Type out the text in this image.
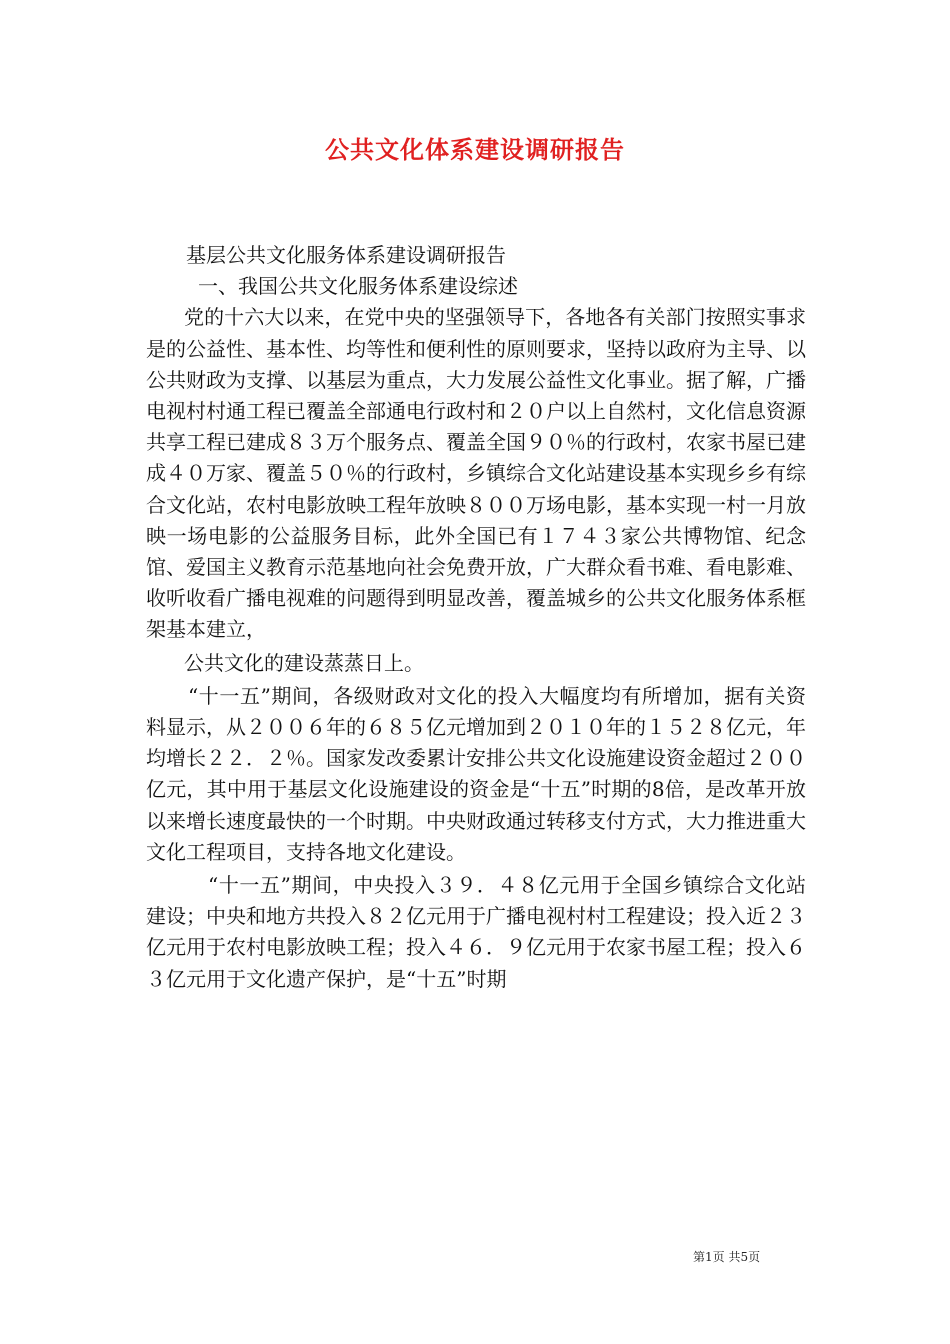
公共文化体系建设调研报告

基层公共文化服务体系建设调研报告

一、我国公共文化服务体系建设综述

党的十六大以来，在党中央的坚强领导下，各地各有关部门按照实事求是的公益性、基本性、均等性和便利性的原则要求，坚持以政府为主导、以公共财政为支撑、以基层为重点，大力发展公益性文化事业。据了解，广播电视村村通工程已覆盖全部通电行政村和２０户以上自然村，文化信息资源共享工程已建成８３万个服务点、覆盖全国９０％的行政村，农家书屋已建成４０万家、覆盖５０％的行政村，乡镇综合文化站建设基本实现乡乡有综合文化站，农村电影放映工程年放映８００万场电影，基本实现一村一月放映一场电影的公益服务目标，此外全国已有１７４３家公共博物馆、纪念馆、爱国主义教育示范基地向社会免费开放，广大群众看书难、看电影难、收听收看广播电视难的问题得到明显改善，覆盖城乡的公共文化服务体系框架基本建立，

公共文化的建设蒸蒸日上。

“十一五”期间，各级财政对文化的投入大幅度均有所增加，据有关资料显示，从２００６年的６８５亿元增加到２０１０年的１５２８亿元，年均增长２２．２％。国家发改委累计安排公共文化设施建设资金超过２００亿元，其中用于基层文化设施建设的资金是“十五”时期的8倍，是改革开放以来增长速度最快的一个时期。中央财政通过转移支付方式，大力推进重大文化工程项目，支持各地文化建设。

“十一五”期间，中央投入３９．４８亿元用于全国乡镇综合文化站建设；中央和地方共投入８２亿元用于广播电视村村工程建设；投入近２３亿元用于农村电影放映工程；投入４６．９亿元用于农家书屋工程；投入６３亿元用于文化遗产保护，是“十五”时期

第1页 共5页
